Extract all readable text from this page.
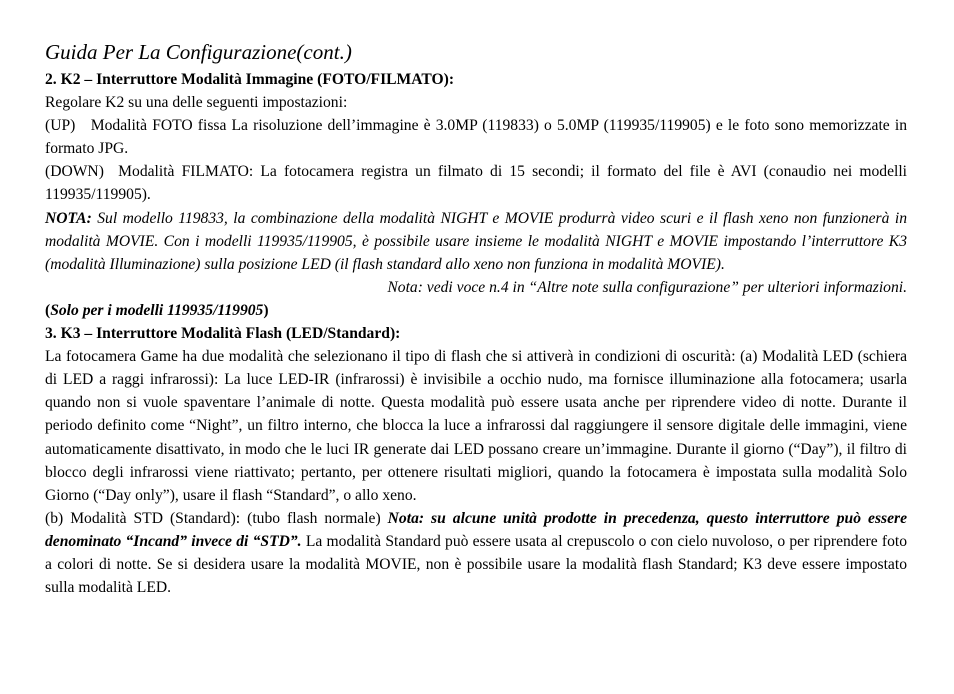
Guida Per La Configurazione(cont.)

2. K2 – Interruttore Modalità Immagine (FOTO/FILMATO):

Regolare K2 su una delle seguenti impostazioni:

(UP)   Modalità FOTO fissa La risoluzione dell’immagine è 3.0MP (119833) o 5.0MP (119935/119905) e le foto sono memorizzate in formato JPG.

(DOWN)  Modalità FILMATO: La fotocamera registra un filmato di 15 secondi; il formato del file è AVI (conaudio nei modelli 119935/119905).

NOTA: Sul modello 119833, la combinazione della modalità NIGHT e MOVIE produrrà video scuri e il flash xeno non funzionerà in modalità MOVIE. Con i modelli 119935/119905, è possibile usare insieme le modalità NIGHT e MOVIE impostando l’interruttore K3 (modalità Illuminazione) sulla posizione LED (il flash standard allo xeno non funziona in modalità MOVIE).

Nota: vedi voce n.4 in “Altre note sulla configurazione” per ulteriori informazioni.

(Solo per i modelli 119935/119905)

3. K3 – Interruttore Modalità Flash (LED/Standard):

La fotocamera Game ha due modalità che selezionano il tipo di flash che si attiverà in condizioni di oscurità: (a) Modalità LED (schiera di LED a raggi infrarossi): La luce LED-IR (infrarossi) è invisibile a occhio nudo, ma fornisce illuminazione alla fotocamera; usarla quando non si vuole spaventare l’animale di notte. Questa modalità può essere usata anche per riprendere video di notte. Durante il periodo definito come “Night”, un filtro interno, che blocca la luce a infrarossi dal raggiungere il sensore digitale delle immagini, viene automaticamente disattivato, in modo che le luci IR generate dai LED possano creare un’immagine. Durante il giorno (“Day”), il filtro di blocco degli infrarossi viene riattivato; pertanto, per ottenere risultati migliori, quando la fotocamera è impostata sulla modalità Solo Giorno (“Day only”), usare il flash “Standard”, o allo xeno.

(b) Modalità STD (Standard): (tubo flash normale) Nota: su alcune unità prodotte in precedenza, questo interruttore può essere denominato “Incand” invece di “STD”. La modalità Standard può essere usata al crepuscolo o con cielo nuvoloso, o per riprendere foto a colori di notte. Se si desidera usare la modalità MOVIE, non è possibile usare la modalità flash Standard; K3 deve essere impostato sulla modalità LED.
